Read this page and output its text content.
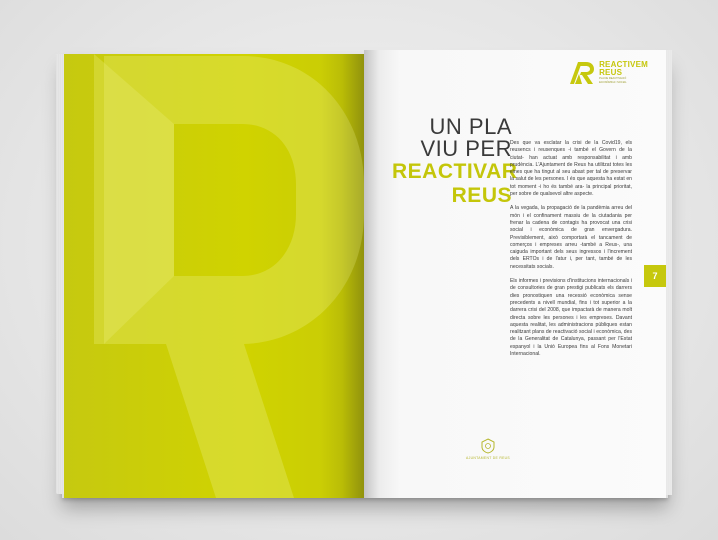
REACTIVEM
REUS
PLA DE REACTIVACIÓ
ECONÒMICA I SOCIAL
UN PLA
VIU PER
REACTIVAR
REUS

Des que va esclatar la crisi de la Covid19, els reusencs i reusenques -i també el Govern de la ciutat- han actuat amb responsabilitat i amb prudència. L'Ajuntament de Reus ha utilitzat totes les eines que ha tingut al seu abast per tal de preservar la salut de les persones. I és que aquesta ha estat en tot moment -i ho és també ara- la principal prioritat, per sobre de qualsevol altre aspecte.

A la vegada, la propagació de la pandèmia arreu del món i el confinament massiu de la ciutadania per frenar la cadena de contagis ha provocat una crisi social i econòmica de gran envergadura. Previsiblement, això comportarà el tancament de comerços i empreses arreu -també a Reus-, una caiguda important dels seus ingressos i l'increment dels ERTOs i de l'atur i, per tant, també de les necessitats socials.

Els informes i previsions d'institucions internacionals i de consultories de gran prestigi publicats els darrers dies pronostiquen una recessió econòmica sense precedents a nivell mundial, fins i tot superior a la darrera crisi del 2008, que impactarà de manera molt directa sobre les persones i les empreses. Davant aquesta realitat, les administracions públiques estan realitzant plans de reactivació social i econòmica, des de la Generalitat de Catalunya, passant per l'Estat espanyol i la Unió Europea fins al Fons Monetari Internacional.

7
AJUNTAMENT DE REUS
